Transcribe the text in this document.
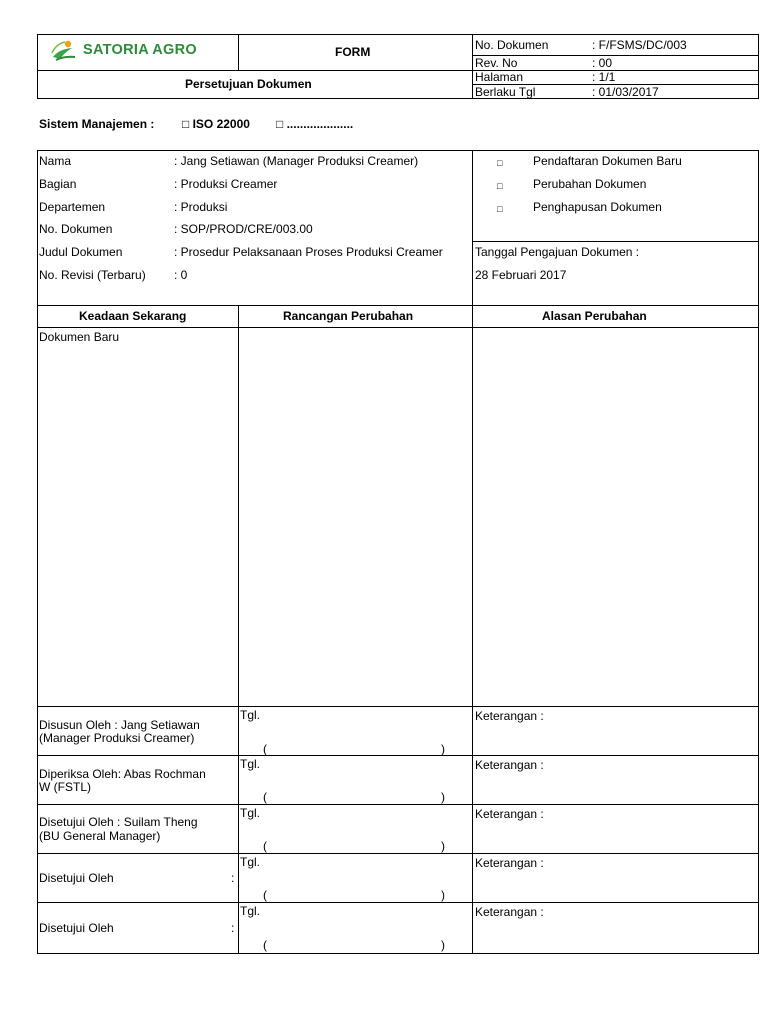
SATORIA AGRO	FORM
Persetujuan Dokumen
No. Dokumen	: F/FSMS/DC/003
Rev. No	: 00
Halaman	: 1/1
Berlaku Tgl	: 01/03/2017
Sistem Manajemen : □ ISO 22000 □ ....................
Nama	: Jang Setiawan (Manager Produksi Creamer)
Bagian	: Produksi Creamer
Departemen	: Produksi
No. Dokumen	: SOP/PROD/CRE/003.00
Judul Dokumen	: Prosedur Pelaksanaan Proses Produksi Creamer
No. Revisi (Terbaru) : 0
□	Pendaftaran Dokumen Baru
□	Perubahan Dokumen
□	Penghapusan Dokumen
Tanggal Pengajuan Dokumen :
28 Februari 2017
Keadaan Sekarang	Rancangan Perubahan	Alasan Perubahan
Dokumen Baru
Disusun Oleh : Jang Setiawan
(Manager Produksi Creamer)
Tgl.
(	)
Keterangan :
Diperiksa Oleh: Abas Rochman
W (FSTL)
Tgl.
(	)
Keterangan :
Disetujui Oleh : Suilam Theng
(BU General Manager)
Tgl.
(	)
Keterangan :
Disetujui Oleh	:
Tgl.
(	)
Keterangan :
Disetujui Oleh	:
Tgl.
(	)
Keterangan :
